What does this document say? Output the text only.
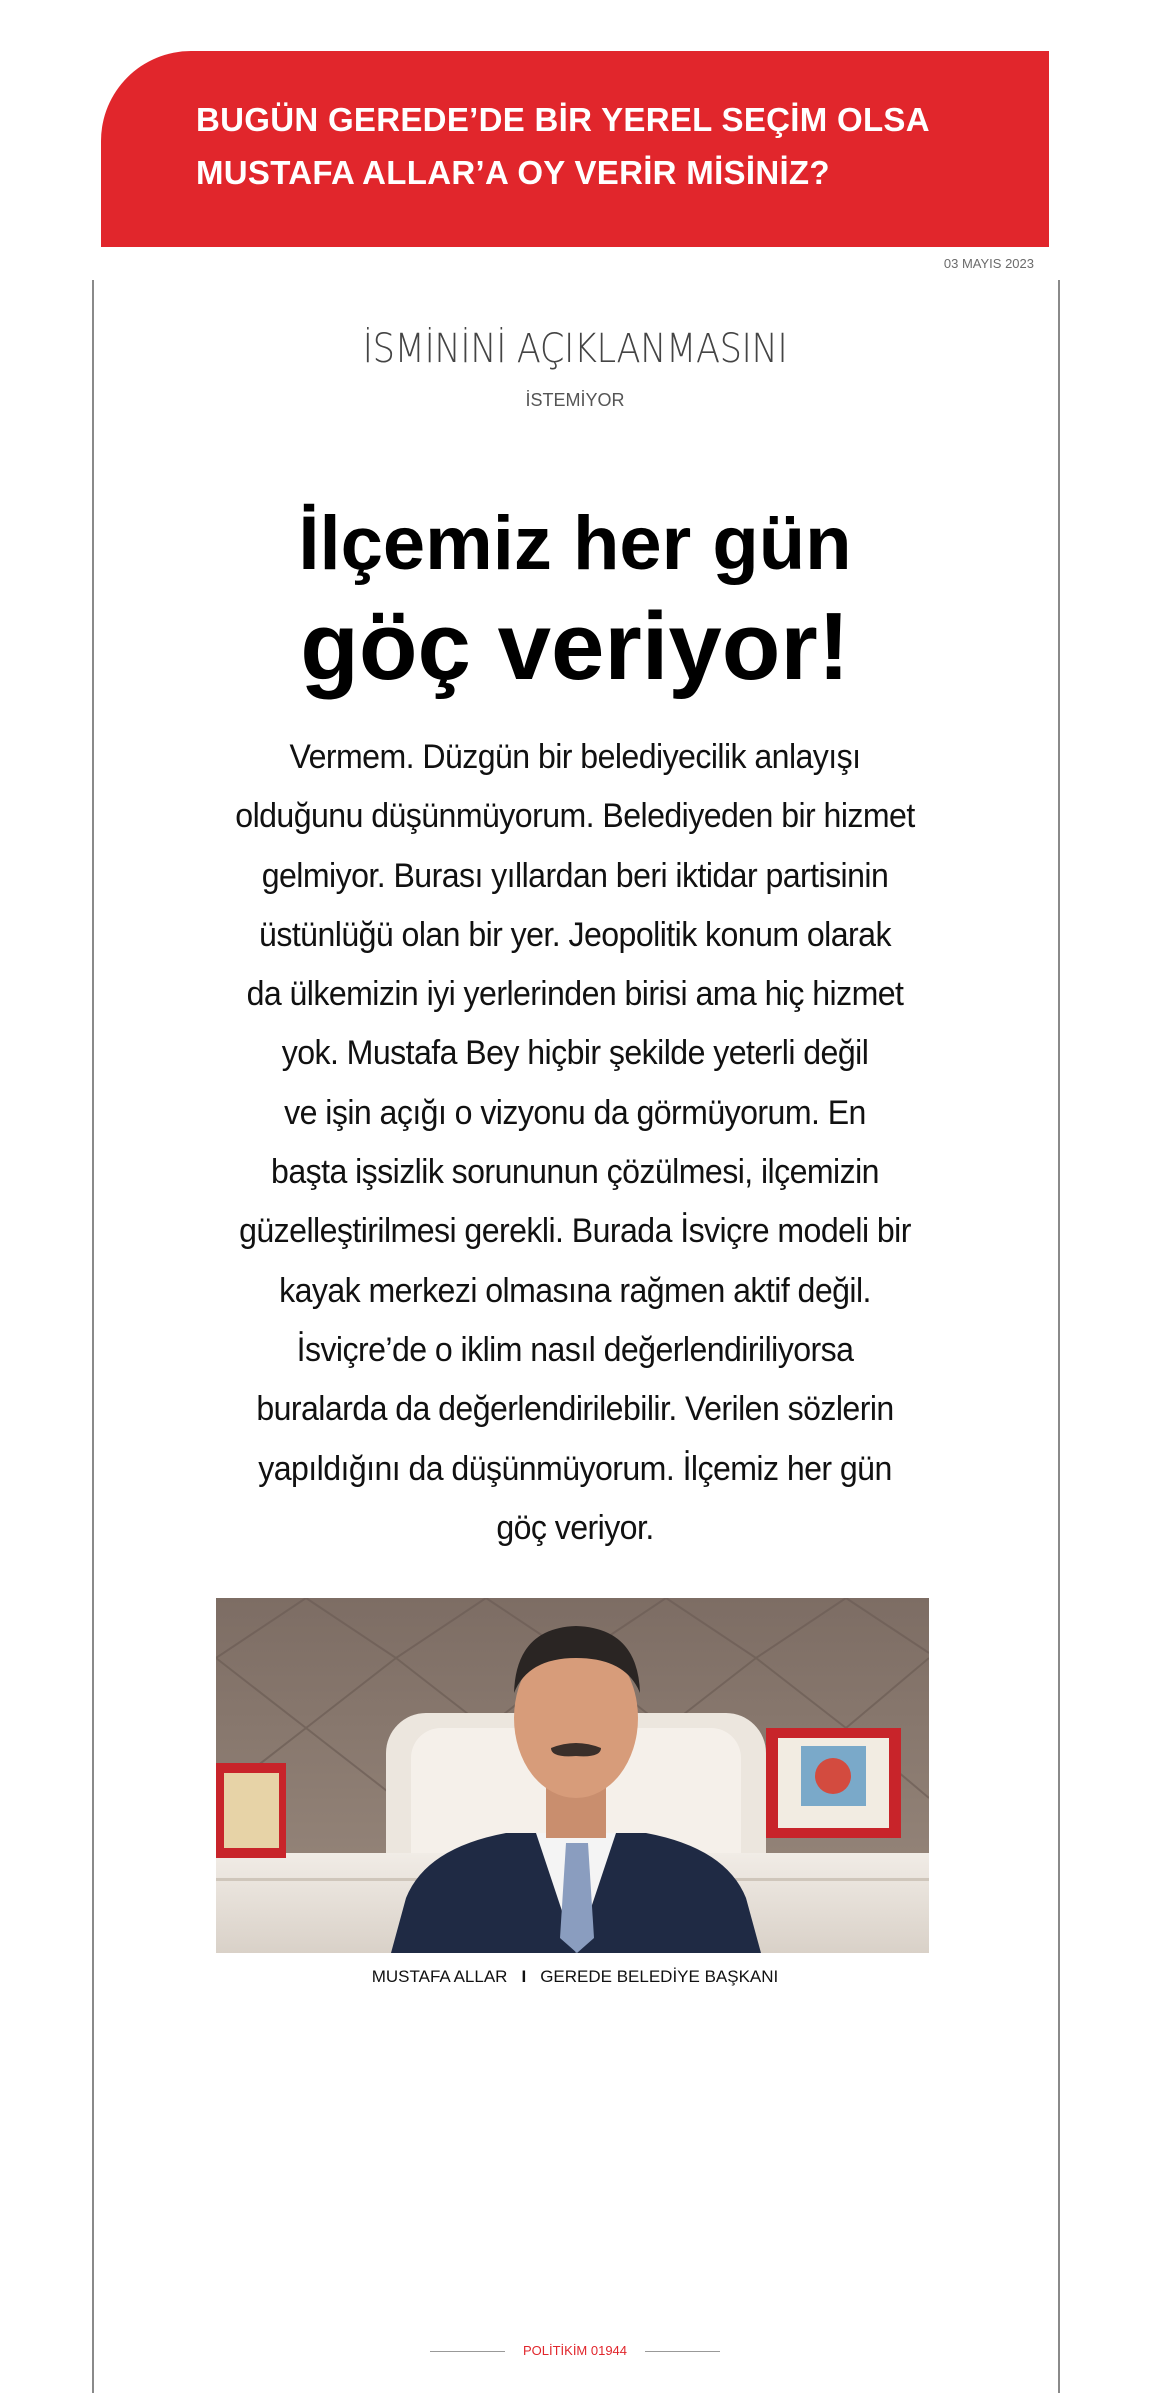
BUGÜN GEREDE’DE BİR YEREL SEÇİM OLSA
MUSTAFA ALLAR’A OY VERİR MİSİNİZ?
03 MAYIS 2023
İSMİNİNİ AÇIKLANMASINI
İSTEMİYOR
İlçemiz her gün
göç veriyor!
Vermem. Düzgün bir belediyecilik anlayışı
olduğunu düşünmüyorum. Belediyeden bir hizmet
gelmiyor. Burası yıllardan beri iktidar partisinin
üstünlüğü olan bir yer. Jeopolitik konum olarak
da ülkemizin iyi yerlerinden birisi ama hiç hizmet
yok. Mustafa Bey hiçbir şekilde yeterli değil
ve işin açığı o vizyonu da görmüyorum. En
başta işsizlik sorununun çözülmesi, ilçemizin
güzelleştirilmesi gerekli. Burada İsviçre modeli bir
kayak merkezi olmasına rağmen aktif değil.
İsviçre’de o iklim nasıl değerlendiriliyorsa
buralarda da değerlendirilebilir. Verilen sözlerin
yapıldığını da düşünmüyorum. İlçemiz her gün
göç veriyor.
MUSTAFA ALLAR I GEREDE BELEDİYE BAŞKANI
POLİTİKİM 01944
